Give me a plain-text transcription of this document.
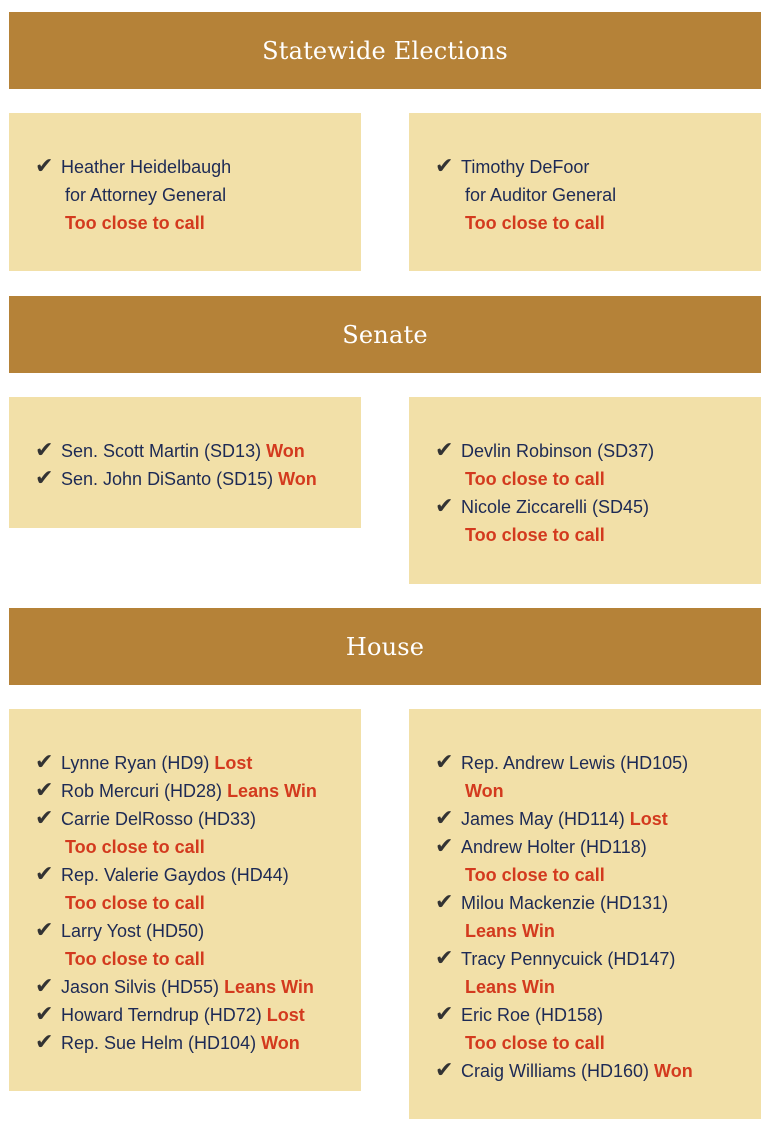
Statewide Elections
✔ Heather Heidelbaugh
for Attorney General
Too close to call
✔ Timothy DeFoor
for Auditor General
Too close to call
Senate
✔ Sen. Scott Martin (SD13) Won
✔ Sen. John DiSanto (SD15) Won
✔ Devlin Robinson (SD37)
Too close to call
✔ Nicole Ziccarelli (SD45)
Too close to call
House
✔ Lynne Ryan (HD9) Lost
✔ Rob Mercuri (HD28) Leans Win
✔ Carrie DelRosso (HD33)
Too close to call
✔ Rep. Valerie Gaydos (HD44)
Too close to call
✔ Larry Yost (HD50)
Too close to call
✔ Jason Silvis (HD55) Leans Win
✔ Howard Terndrup (HD72) Lost
✔ Rep. Sue Helm (HD104) Won
✔ Rep. Andrew Lewis (HD105)
Won
✔ James May (HD114) Lost
✔ Andrew Holter (HD118)
Too close to call
✔ Milou Mackenzie (HD131)
Leans Win
✔ Tracy Pennycuick (HD147)
Leans Win
✔ Eric Roe (HD158)
Too close to call
✔ Craig Williams (HD160) Won
